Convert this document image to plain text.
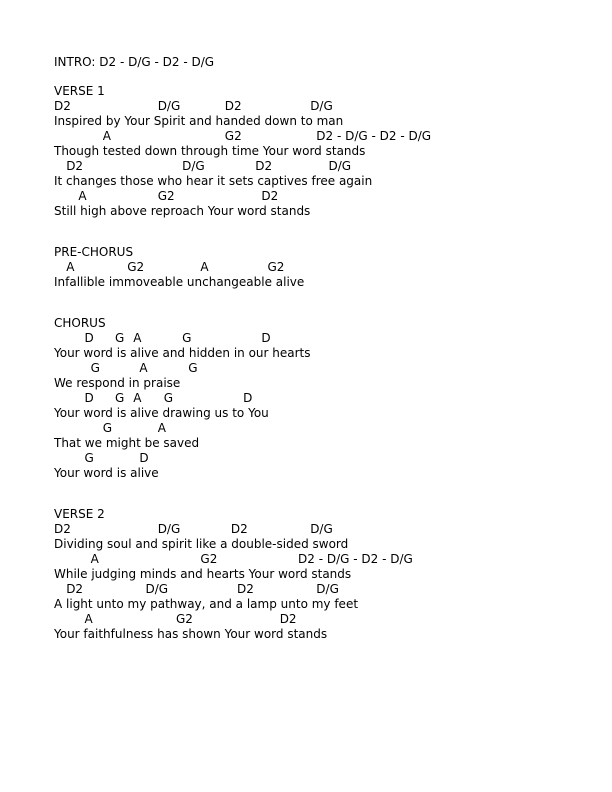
INTRO: D2 - D/G - D2 - D/G
VERSE 1
D2	D/G	D2	D/G
Inspired by Your Spirit and handed down to man
A	G2	D2 - D/G - D2 - D/G
Though tested down through time Your word stands
D2	D/G	D2	D/G
It changes those who hear it sets captives free again
A	G2	D2
Still high above reproach Your word stands
PRE-CHORUS
A	G2	A	G2
Infallible immoveable unchangeable alive
CHORUS
D G A	G	D
Your word is alive and hidden in our hearts
G	A	G
We respond in praise
D G A G	D
Your word is alive drawing us to You
G	A
That we might be saved
G	D
Your word is alive
VERSE 2
D2	D/G	D2	D/G
Dividing soul and spirit like a double-sided sword
A	G2	D2 - D/G - D2 - D/G
While judging minds and hearts Your word stands
D2	D/G	D2	D/G
A light unto my pathway, and a lamp unto my feet
A	G2	D2
Your faithfulness has shown Your word stands
